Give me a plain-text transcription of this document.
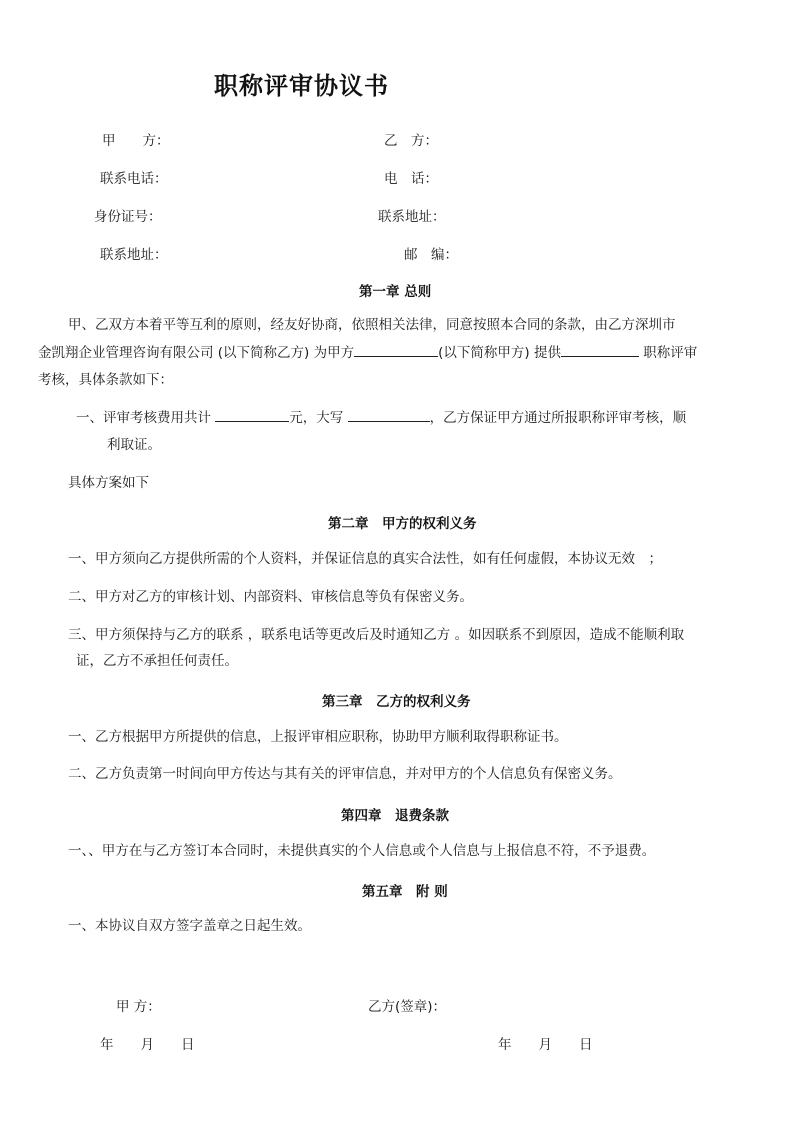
职称评审协议书
甲　　方：	乙　方：
联系电话：	电　话：
身份证号：	联系地址：
联系地址：	邮　编：
第一章 总则
甲、乙双方本着平等互利的原则，经友好协商，依照相关法律，同意按照本合同的条款，由乙方深圳市
金凯翔企业管理咨询有限公司 (以下简称乙方) 为甲方	(以下简称甲方) 提供	职称评审
考核，具体条款如下：
一、评审考核费用共计	元，大写	，乙方保证甲方通过所报职称评审考核，顺
利取证。
具体方案如下
第二章　甲方的权利义务
一、甲方须向乙方提供所需的个人资料，并保证信息的真实合法性，如有任何虚假，本协议无效　；
二、甲方对乙方的审核计划、内部资料、审核信息等负有保密义务。
三、甲方须保持与乙方的联系 ，联系电话等更改后及时通知乙方 。如因联系不到原因，造成不能顺利取
证，乙方不承担任何责任。
第三章　乙方的权利义务
一、乙方根据甲方所提供的信息，上报评审相应职称，协助甲方顺利取得职称证书。
二、乙方负责第一时间向甲方传达与其有关的评审信息，并对甲方的个人信息负有保密义务。
第四章　退费条款
一、、甲方在与乙方签订本合同时，未提供真实的个人信息或个人信息与上报信息不符，不予退费。
第五章　附 则
一、本协议自双方签字盖章之日起生效。
甲 方：	乙方(签章)：
年　　月　　日	年　　月　　日
